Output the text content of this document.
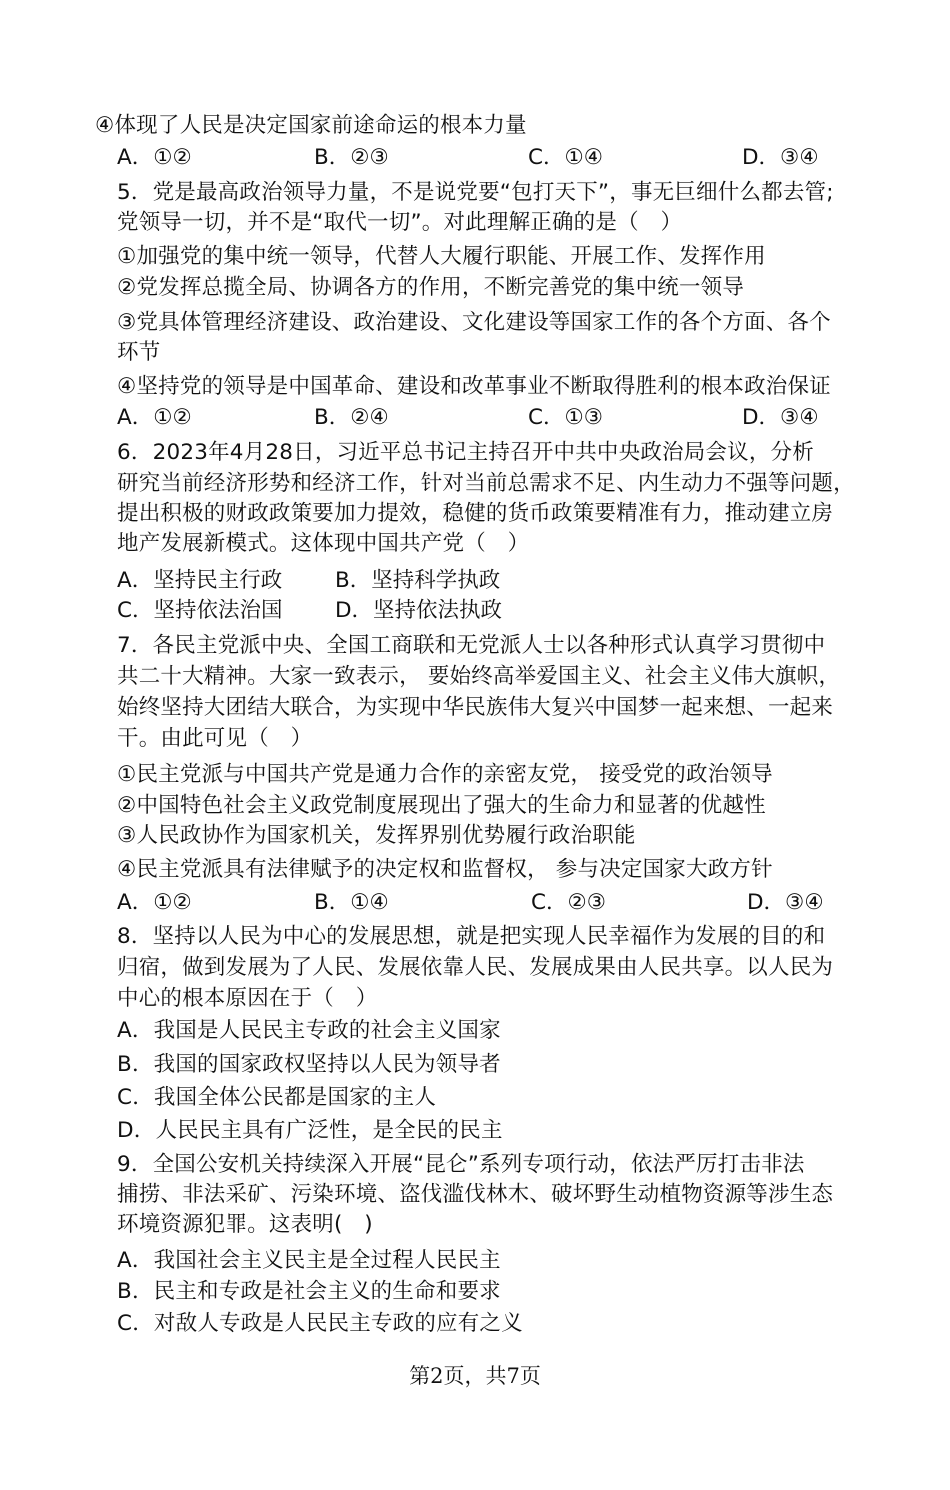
④体现了人民是决定国家前途命运的根本力量
A．①②	B．②③	C．①④	D．③④
5．党是最高政治领导力量，不是说党要“包打天下”，事无巨细什么都去管;
党领导一切，并不是“取代一切”。对此理解正确的是（　）
①加强党的集中统一领导，代替人大履行职能、开展工作、发挥作用
②党发挥总揽全局、协调各方的作用，不断完善党的集中统一领导
③党具体管理经济建设、政治建设、文化建设等国家工作的各个方面、各个
环节
④坚持党的领导是中国革命、建设和改革事业不断取得胜利的根本政治保证
A．①②	B．②④	C．①③	D．③④
6．2023年4月28日，习近平总书记主持召开中共中央政治局会议，分析
研究当前经济形势和经济工作，针对当前总需求不足、内生动力不强等问题，
提出积极的财政政策要加力提效，稳健的货币政策要精准有力，推动建立房
地产发展新模式。这体现中国共产党（　）
A．坚持民主行政 B．坚持科学执政
C．坚持依法治国 D．坚持依法执政
7．各民主党派中央、全国工商联和无党派人士以各种形式认真学习贯彻中
共二十大精神。大家一致表示， 要始终高举爱国主义、社会主义伟大旗帜，
始终坚持大团结大联合，为实现中华民族伟大复兴中国梦一起来想、一起来
干。由此可见（　）
①民主党派与中国共产党是通力合作的亲密友党， 接受党的政治领导
②中国特色社会主义政党制度展现出了强大的生命力和显著的优越性
③人民政协作为国家机关，发挥界别优势履行政治职能
④民主党派具有法律赋予的决定权和监督权， 参与决定国家大政方针
A．①②	B．①④	C．②③	D．③④
8．坚持以人民为中心的发展思想，就是把实现人民幸福作为发展的目的和
归宿，做到发展为了人民、发展依靠人民、发展成果由人民共享。以人民为
中心的根本原因在于（　）
A．我国是人民民主专政的社会主义国家
B．我国的国家政权坚持以人民为领导者
C．我国全体公民都是国家的主人
D．人民民主具有广泛性，是全民的民主
9．全国公安机关持续深入开展“昆仑”系列专项行动，依法严厉打击非法
捕捞、非法采矿、污染环境、盗伐滥伐林木、破坏野生动植物资源等涉生态
环境资源犯罪。这表明(　)
A．我国社会主义民主是全过程人民民主
B．民主和专政是社会主义的生命和要求
C．对敌人专政是人民民主专政的应有之义
第2页，共7页
